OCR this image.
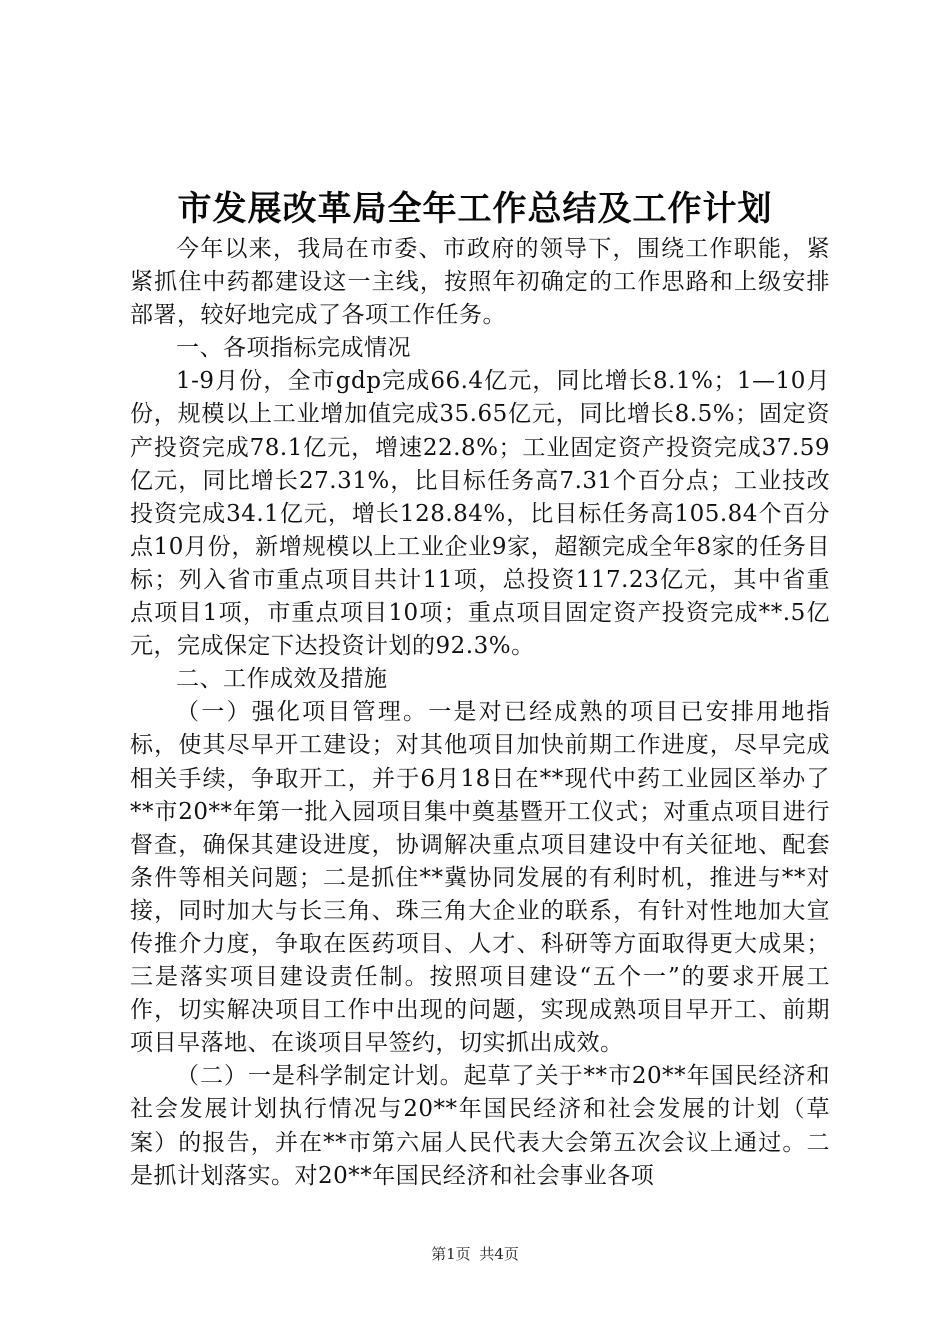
市发展改革局全年工作总结及工作计划

今年以来，我局在市委、市政府的领导下，围绕工作职能，紧紧抓住中药都建设这一主线，按照年初确定的工作思路和上级安排部署，较好地完成了各项工作任务。

一、各项指标完成情况

1-9月份，全市gdp完成66.4亿元，同比增长8.1%；1—10月份，规模以上工业增加值完成35.65亿元，同比增长8.5%；固定资产投资完成78.1亿元，增速22.8%；工业固定资产投资完成37.59亿元，同比增长27.31%，比目标任务高7.31个百分点；工业技改投资完成34.1亿元，增长128.84%，比目标任务高105.84个百分点10月份，新增规模以上工业企业9家，超额完成全年8家的任务目标；列入省市重点项目共计11项，总投资117.23亿元，其中省重点项目1项，市重点项目10项；重点项目固定资产投资完成**.5亿元，完成保定下达投资计划的92.3%。

二、工作成效及措施

（一）强化项目管理。一是对已经成熟的项目已安排用地指标，使其尽早开工建设；对其他项目加快前期工作进度，尽早完成相关手续，争取开工，并于6月18日在**现代中药工业园区举办了**市20**年第一批入园项目集中奠基暨开工仪式；对重点项目进行督查，确保其建设进度，协调解决重点项目建设中有关征地、配套条件等相关问题；二是抓住**冀协同发展的有利时机，推进与**对接，同时加大与长三角、珠三角大企业的联系，有针对性地加大宣传推介力度，争取在医药项目、人才、科研等方面取得更大成果；三是落实项目建设责任制。按照项目建设“五个一”的要求开展工作，切实解决项目工作中出现的问题，实现成熟项目早开工、前期项目早落地、在谈项目早签约，切实抓出成效。

（二）一是科学制定计划。起草了关于**市20**年国民经济和社会发展计划执行情况与20**年国民经济和社会发展的计划（草案）的报告，并在**市第六届人民代表大会第五次会议上通过。二是抓计划落实。对20**年国民经济和社会事业各项

第1页 共4页
